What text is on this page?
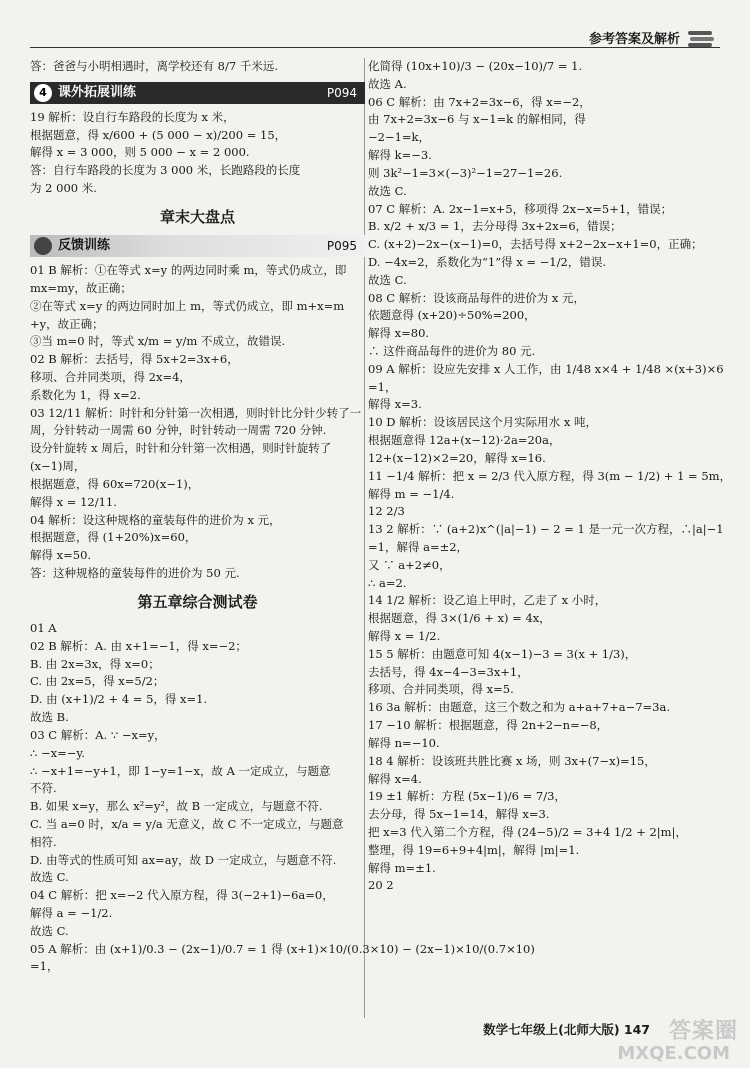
参考答案及解析

答：爸爸与小明相遇时，离学校还有 8/7 千米远.

4 课外拓展训练	P094

19 解析：设自行车路段的长度为 x 米，

根据题意，得 x/600 + (5 000 − x)/200 = 15，

解得 x = 3 000，则 5 000 − x = 2 000.

答：自行车路段的长度为 3 000 米，长跑路段的长度

为 2 000 米.

章末大盘点
反馈训练	P095

01 B 解析：①在等式 x=y 的两边同时乘 m，等式仍成立，即

mx=my，故正确；

②在等式 x=y 的两边同时加上 m，等式仍成立，即 m+x=m

+y，故正确；

③当 m=0 时，等式 x/m = y/m 不成立，故错误.

02 B 解析：去括号，得 5x+2=3x+6，

移项、合并同类项，得 2x=4，

系数化为 1，得 x=2.

03 12/11 解析：时针和分针第一次相遇，则时针比分针少转了一

周，分针转动一周需 60 分钟，时针转动一周需 720 分钟.

设分针旋转 x 周后，时针和分针第一次相遇，则时针旋转了

(x−1)周，

根据题意，得 60x=720(x−1)，

解得 x = 12/11.

04 解析：设这种规格的童装每件的进价为 x 元，

根据题意，得 (1+20%)x=60，

解得 x=50.

答：这种规格的童装每件的进价为 50 元.

第五章综合测试卷

01 A

02 B 解析：A. 由 x+1=−1，得 x=−2；

B. 由 2x=3x，得 x=0；

C. 由 2x=5，得 x=5/2；

D. 由 (x+1)/2 + 4 = 5，得 x=1.

故选 B.

03 C 解析：A. ∵ −x=y，

∴ −x=−y.

∴ −x+1=−y+1，即 1−y=1−x，故 A 一定成立，与题意

不符.

B. 如果 x=y，那么 x²=y²，故 B 一定成立，与题意不符.

C. 当 a=0 时，x/a = y/a 无意义，故 C 不一定成立，与题意

相符.

D. 由等式的性质可知 ax=ay，故 D 一定成立，与题意不符.

故选 C.

04 C 解析：把 x=−2 代入原方程，得 3(−2+1)−6a=0，

解得 a = −1/2.

故选 C.

05 A 解析：由 (x+1)/0.3 − (2x−1)/0.7 = 1 得 (x+1)×10/(0.3×10) − (2x−1)×10/(0.7×10)

=1，

化简得 (10x+10)/3 − (20x−10)/7 = 1.

故选 A.

06 C 解析：由 7x+2=3x−6，得 x=−2，

由 7x+2=3x−6 与 x−1=k 的解相同，得

−2−1=k，

解得 k=−3.

则 3k²−1=3×(−3)²−1=27−1=26.

故选 C.

07 C 解析：A. 2x−1=x+5，移项得 2x−x=5+1，错误；

B. x/2 + x/3 = 1，去分母得 3x+2x=6，错误；

C. (x+2)−2x−(x−1)=0，去括号得 x+2−2x−x+1=0，正确；

D. −4x=2，系数化为“1”得 x = −1/2，错误.

故选 C.

08 C 解析：设该商品每件的进价为 x 元，

依题意得 (x+20)÷50%=200，

解得 x=80.

∴ 这件商品每件的进价为 80 元.

09 A 解析：设应先安排 x 人工作，由 1/48 x×4 + 1/48 ×(x+3)×6

=1，

解得 x=3.

10 D 解析：设该居民这个月实际用水 x 吨，

根据题意得 12a+(x−12)·2a=20a，

12+(x−12)×2=20，解得 x=16.

11 −1/4 解析：把 x = 2/3 代入原方程，得 3(m − 1/2) + 1 = 5m，

解得 m = −1/4.

12 2/3

13 2 解析：∵ (a+2)x^(|a|−1) − 2 = 1 是一元一次方程，∴|a|−1

=1，解得 a=±2，

又 ∵ a+2≠0，

∴ a=2.

14 1/2 解析：设乙追上甲时，乙走了 x 小时，

根据题意，得 3×(1/6 + x) = 4x，

解得 x = 1/2.

15 5 解析：由题意可知 4(x−1)−3 = 3(x + 1/3)，

去括号，得 4x−4−3=3x+1，

移项、合并同类项，得 x=5.

16 3a 解析：由题意，这三个数之和为 a+a+7+a−7=3a.

17 −10 解析：根据题意，得 2n+2−n=−8，

解得 n=−10.

18 4 解析：设该班共胜比赛 x 场，则 3x+(7−x)=15，

解得 x=4.

19 ±1 解析：方程 (5x−1)/6 = 7/3，

去分母，得 5x−1=14，解得 x=3.

把 x=3 代入第二个方程，得 (24−5)/2 = 3+4 1/2 + 2|m|，

整理，得 19=6+9+4|m|，解得 |m|=1.

解得 m=±1.

20 2

数学七年级上(北师大版) 147 答案圈
MXQE.COM
